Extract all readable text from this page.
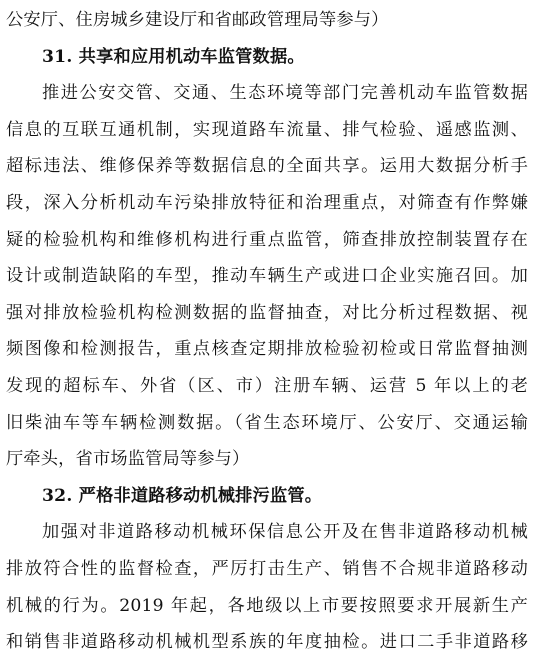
公安厅、住房城乡建设厅和省邮政管理局等参与）
31. 共享和应用机动车监管数据。
推进公安交管、交通、生态环境等部门完善机动车监管数据
信息的互联互通机制，实现道路车流量、排气检验、遥感监测、
超标违法、维修保养等数据信息的全面共享。运用大数据分析手
段，深入分析机动车污染排放特征和治理重点，对筛查有作弊嫌
疑的检验机构和维修机构进行重点监管，筛查排放控制装置存在
设计或制造缺陷的车型，推动车辆生产或进口企业实施召回。加
强对排放检验机构检测数据的监督抽查，对比分析过程数据、视
频图像和检测报告，重点核查定期排放检验初检或日常监督抽测
发现的超标车、外省（区、市）注册车辆、运营 5 年以上的老
旧柴油车等车辆检测数据。（省生态环境厅、公安厅、交通运输
厅牵头，省市场监管局等参与）
32. 严格非道路移动机械排污监管。
加强对非道路移动机械环保信息公开及在售非道路移动机械
排放符合性的监督检查，严厉打击生产、销售不合规非道路移动
机械的行为。2019 年起，各地级以上市要按照要求开展新生产
和销售非道路移动机械机型系族的年度抽检。进口二手非道路移
